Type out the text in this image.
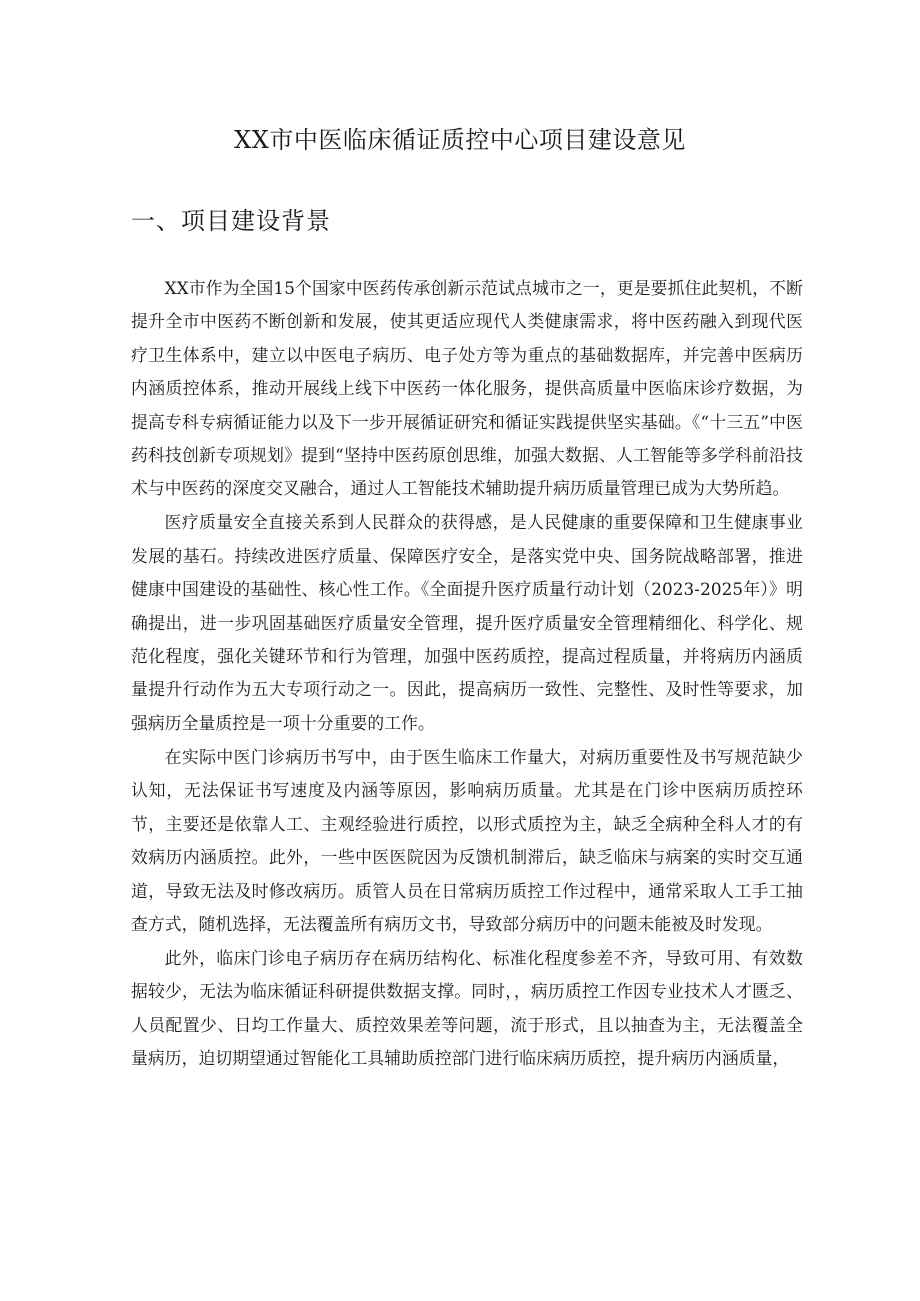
XX市中医临床循证质控中心项目建设意见
一、项目建设背景

XX市作为全国15个国家中医药传承创新示范试点城市之一，更是要抓住此契机，不断提升全市中医药不断创新和发展，使其更适应现代人类健康需求，将中医药融入到现代医疗卫生体系中，建立以中医电子病历、电子处方等为重点的基础数据库，并完善中医病历内涵质控体系，推动开展线上线下中医药一体化服务，提供高质量中医临床诊疗数据，为提高专科专病循证能力以及下一步开展循证研究和循证实践提供坚实基础。《“十三五”中医药科技创新专项规划》提到“坚持中医药原创思维，加强大数据、人工智能等多学科前沿技术与中医药的深度交叉融合，通过人工智能技术辅助提升病历质量管理已成为大势所趋。

医疗质量安全直接关系到人民群众的获得感，是人民健康的重要保障和卫生健康事业发展的基石。持续改进医疗质量、保障医疗安全，是落实党中央、国务院战略部署，推进健康中国建设的基础性、核心性工作。《全面提升医疗质量行动计划（2023-2025年）》明确提出，进一步巩固基础医疗质量安全管理，提升医疗质量安全管理精细化、科学化、规范化程度，强化关键环节和行为管理，加强中医药质控，提高过程质量，并将病历内涵质量提升行动作为五大专项行动之一。因此，提高病历一致性、完整性、及时性等要求，加强病历全量质控是一项十分重要的工作。

在实际中医门诊病历书写中，由于医生临床工作量大，对病历重要性及书写规范缺少认知，无法保证书写速度及内涵等原因，影响病历质量。尤其是在门诊中医病历质控环节，主要还是依靠人工、主观经验进行质控，以形式质控为主，缺乏全病种全科人才的有效病历内涵质控。此外，一些中医医院因为反馈机制滞后，缺乏临床与病案的实时交互通道，导致无法及时修改病历。质管人员在日常病历质控工作过程中，通常采取人工手工抽查方式，随机选择，无法覆盖所有病历文书，导致部分病历中的问题未能被及时发现。

此外，临床门诊电子病历存在病历结构化、标准化程度参差不齐，导致可用、有效数据较少，无法为临床循证科研提供数据支撑。同时，，病历质控工作因专业技术人才匮乏、人员配置少、日均工作量大、质控效果差等问题，流于形式，且以抽查为主，无法覆盖全量病历，迫切期望通过智能化工具辅助质控部门进行临床病历质控，提升病历内涵质量，
